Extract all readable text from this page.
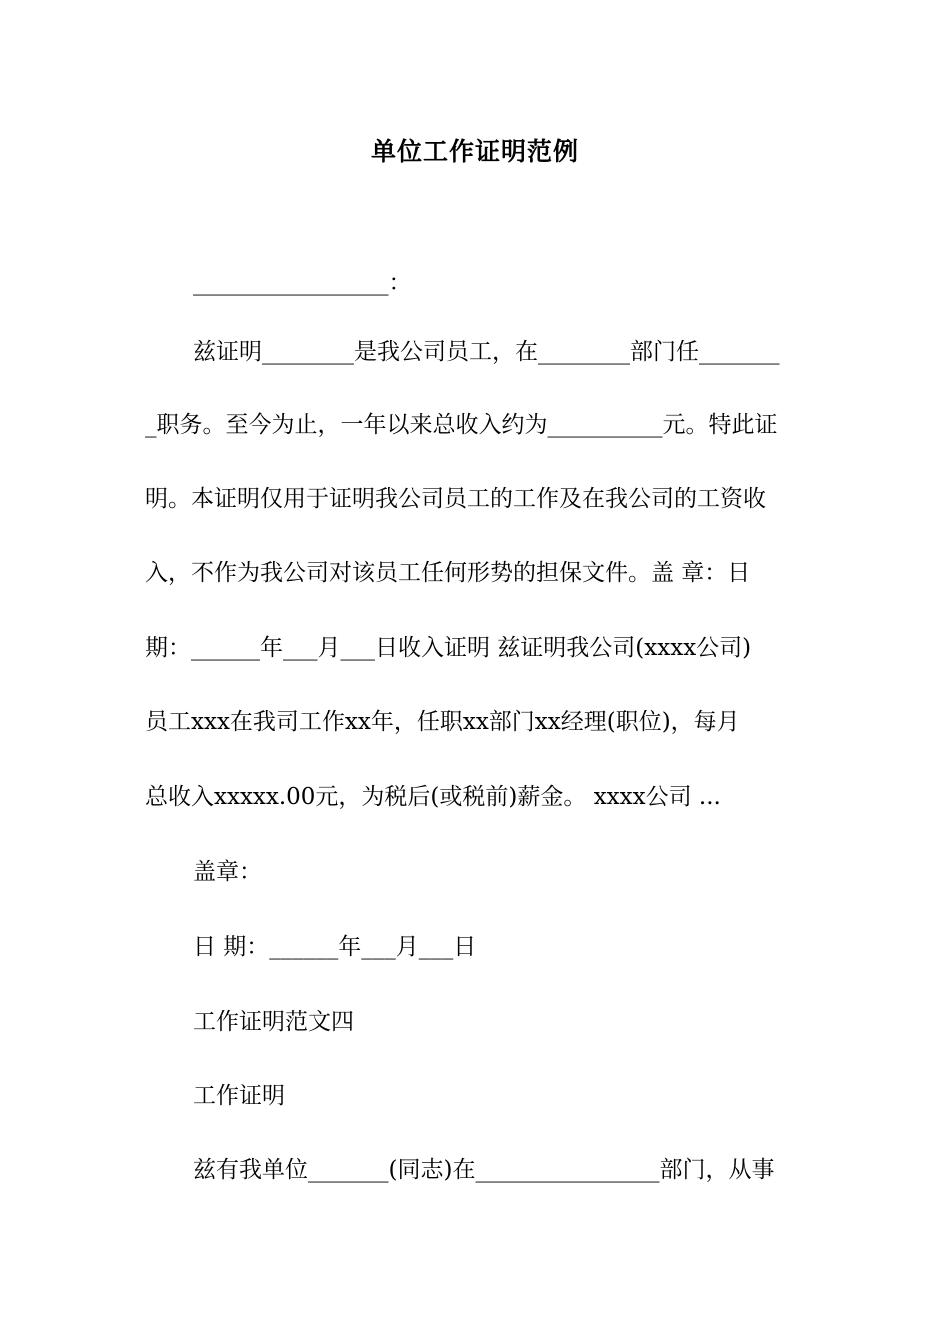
单位工作证明范例
_________________：
兹证明________是我公司员工，在________部门任_______
_职务。至今为止，一年以来总收入约为__________元。特此证
明。本证明仅用于证明我公司员工的工作及在我公司的工资收
入，不作为我公司对该员工任何形势的担保文件。盖 章：日
期：______年___月___日收入证明 兹证明我公司(xxxx公司)
员工xxx在我司工作xx年，任职xx部门xx经理(职位)，每月
总收入xxxxx.00元，为税后(或税前)薪金。 xxxx公司 ...
盖章：
日 期：______年___月___日
工作证明范文四
工作证明
兹有我单位_______(同志)在________________部门，从事
